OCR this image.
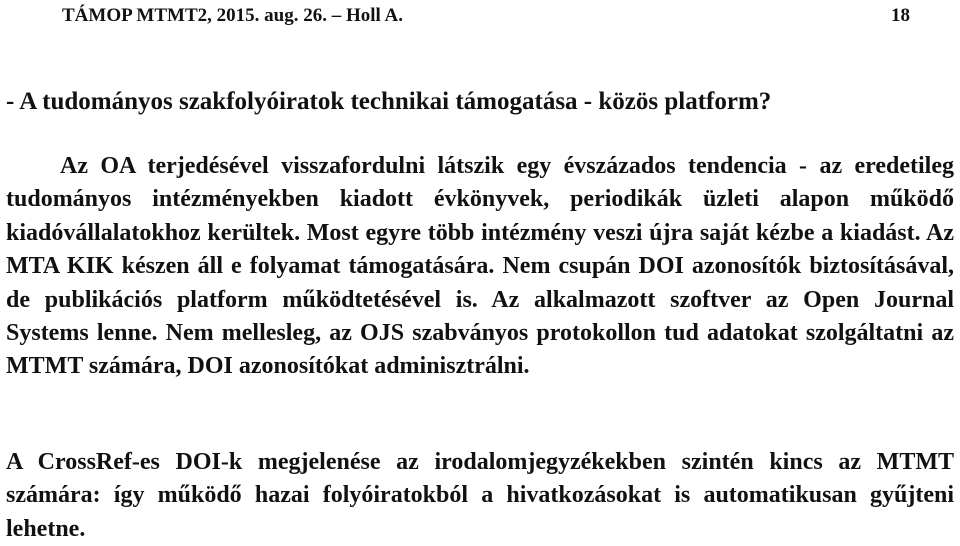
TÁMOP MTMT2, 2015. aug. 26. – Holl A.	18
- A tudományos szakfolyóiratok technikai támogatása - közös platform?

Az OA terjedésével visszafordulni látszik egy évszázados tendencia - az eredetileg tudományos intézményekben kiadott évkönyvek, periodikák üzleti alapon működő kiadóvállalatokhoz kerültek. Most egyre több intézmény veszi újra saját kézbe a kiadást. Az MTA KIK készen áll e folyamat támogatására. Nem csupán DOI azonosítók biztosításával, de publikációs platform működtetésével is. Az alkalmazott szoftver az Open Journal Systems lenne. Nem mellesleg, az OJS szabványos protokollon tud adatokat szolgáltatni az MTMT számára, DOI azonosítókat adminisztrálni.

A CrossRef-es DOI-k megjelenése az irodalomjegyzékekben szintén kincs az MTMT számára: így működő hazai folyóiratokból a hivatkozásokat is automatikusan gyűjteni lehetne.
